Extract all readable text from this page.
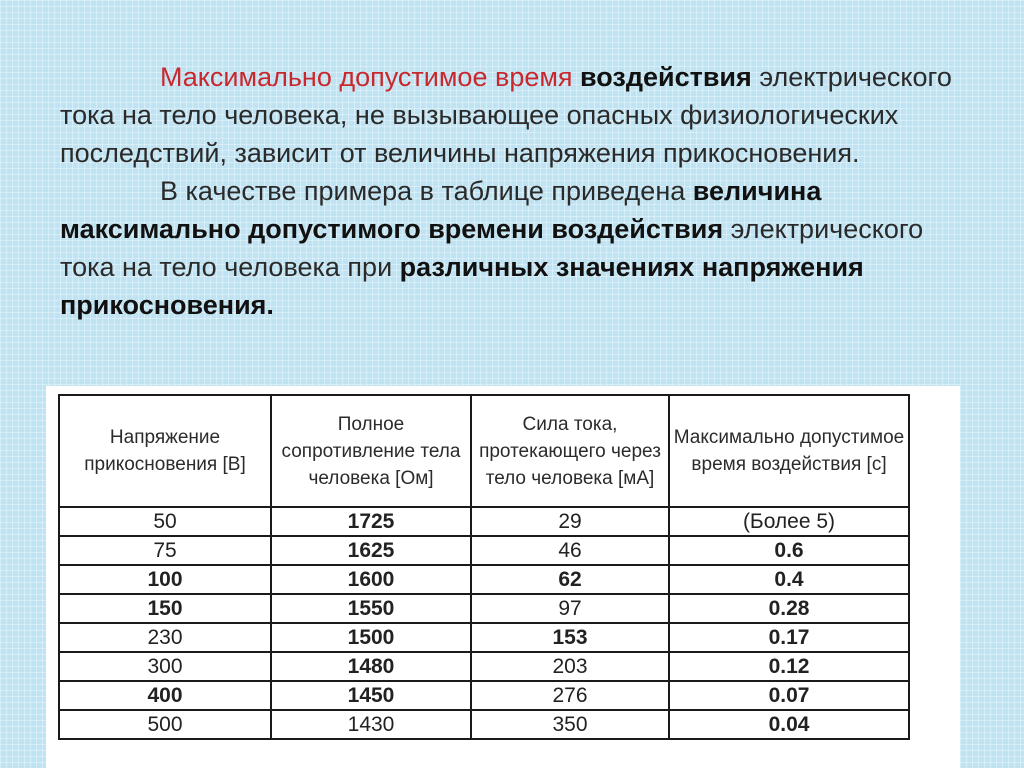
Максимально допустимое время воздействия электрического тока на тело человека, не вызывающее опасных физиологических последствий, зависит от величины напряжения прикосновения.

В качестве примера в таблице приведена величина максимально допустимого времени воздействия электрического тока на тело человека при различных значениях напряжения прикосновения.

Напряжение прикосновения [В]	Полное сопротивление тела человека [Ом]	Сила тока, протекающего через тело человека [мА]	Максимально допустимое время воздействия [с]
50	1725	29	(Более 5)
75	1625	46	0.6
100	1600	62	0.4
150	1550	97	0.28
230	1500	153	0.17
300	1480	203	0.12
400	1450	276	0.07
500	1430	350	0.04
